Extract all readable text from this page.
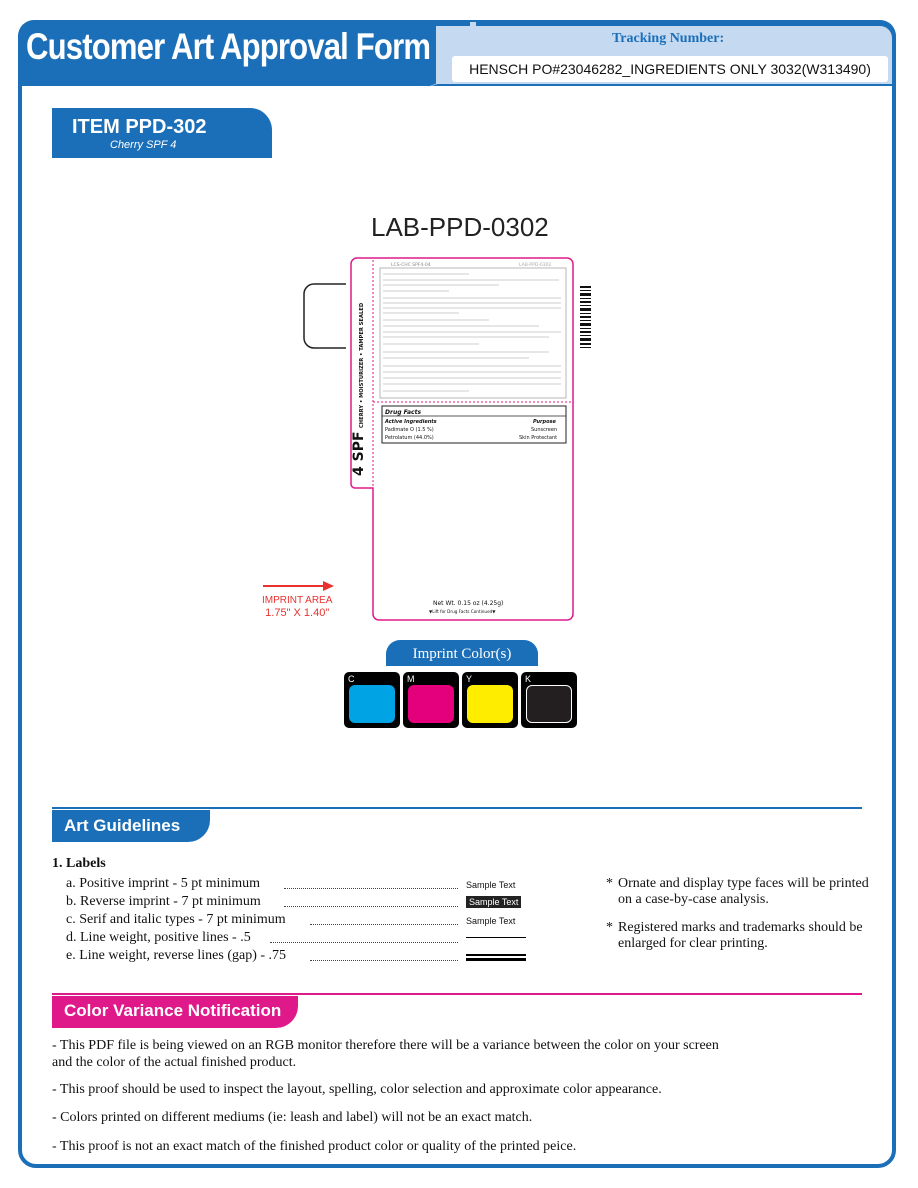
Customer Art Approval Form	Tracking Number:
HENSCH PO#23046282_INGREDIENTS ONLY 3032(W313490)
ITEM PPD-302
Cherry SPF 4
LAB-PPD-0302
4 SPF
CHERRY • MOISTURIZER • TAMPER SEALED
LCS-CHC SPF4-04	LAB-PPD-0302
Drug Facts
Active Ingredients	Purpose
Padimate O (1.5 %)	Sunscreen
Petrolatum (44.0%)	Skin Protectant
Net Wt. 0.15 oz (4.25g)
▼Lift for Drug Facts Continued▼
IMPRINT AREA
1.75" X 1.40"
Imprint Color(s)
C	M	Y	K
Art Guidelines
1. Labels
a. Positive imprint - 5 pt minimum	Sample Text
b. Reverse imprint - 7 pt minimum	Sample Text
c. Serif and italic types - 7 pt minimum	Sample Text
d. Line weight, positive lines - .5
e. Line weight, reverse lines (gap) - .75
* Ornate and display type faces will be printed on a case-by-case analysis.
* Registered marks and trademarks should be enlarged for clear printing.
Color Variance Notification
- This PDF file is being viewed on an RGB monitor therefore there will be a variance between the color on your screen and the color of the actual finished product.
- This proof should be used to inspect the layout, spelling, color selection and approximate color appearance.
- Colors printed on different mediums (ie: leash and label) will not be an exact match.
- This proof is not an exact match of the finished product color or quality of the printed peice.
